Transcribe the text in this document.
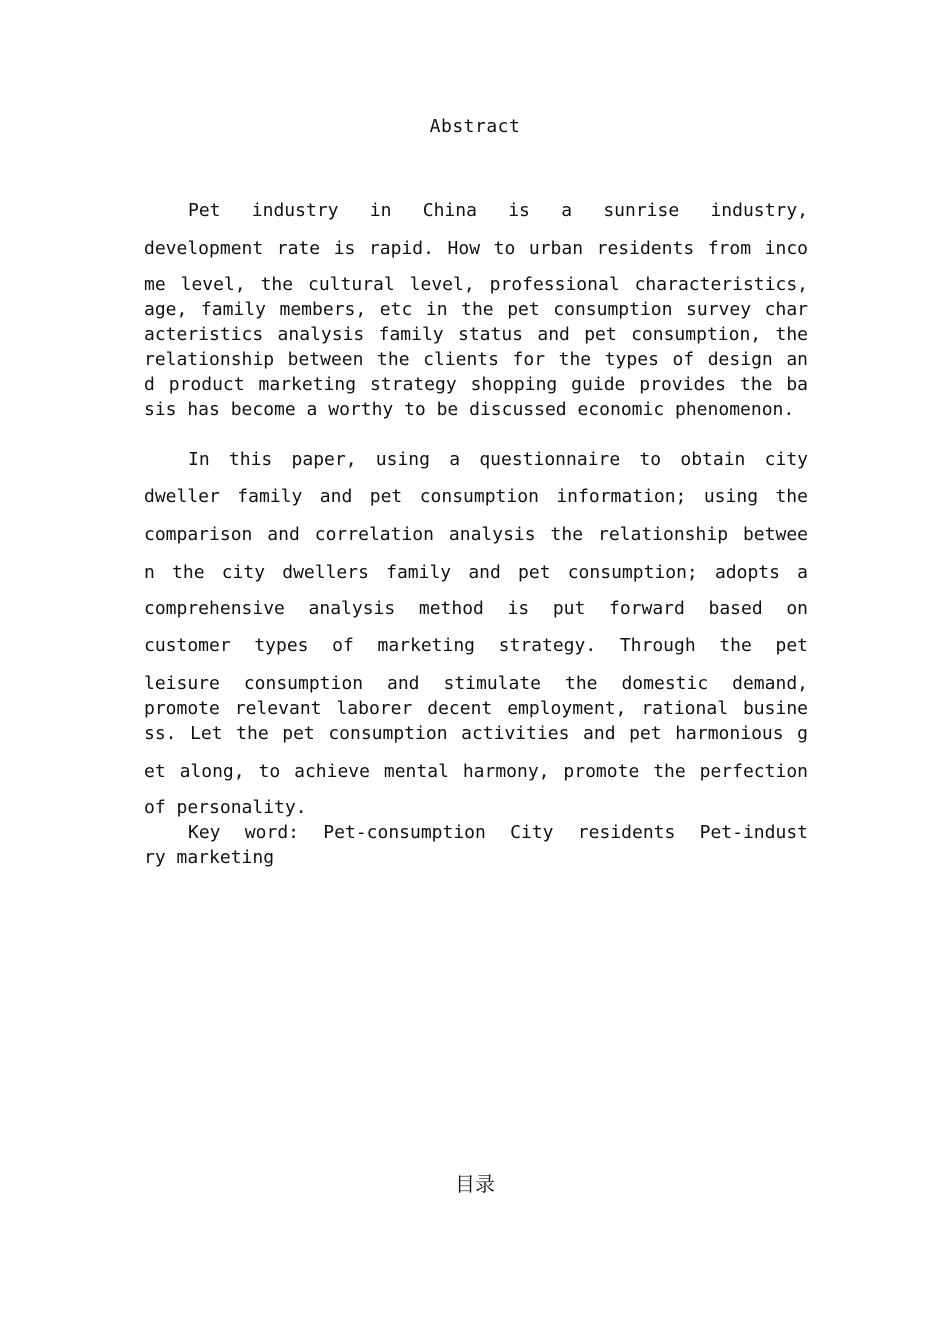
Abstract
Pet industry in China is a sunrise industry,
development rate is rapid. How to urban residents from inco
me level, the cultural level, professional characteristics,
age, family members, etc in the pet consumption survey char
acteristics analysis family status and pet consumption, the
relationship between the clients for the types of design an
d product marketing strategy shopping guide provides the ba
sis has become a worthy to be discussed economic phenomenon.
In this paper, using a questionnaire to obtain city
dweller family and pet consumption information; using the
comparison and correlation analysis the relationship betwee
n the city dwellers family and pet consumption; adopts a
comprehensive analysis method is put forward based on
customer types of marketing strategy. Through the pet
leisure consumption and stimulate the domestic demand,
promote relevant laborer decent employment, rational busine
ss. Let the pet consumption activities and pet harmonious g
et along, to achieve mental harmony, promote the perfection
of personality.
Key word: Pet-consumption City residents Pet-indust
ry marketing
目录
